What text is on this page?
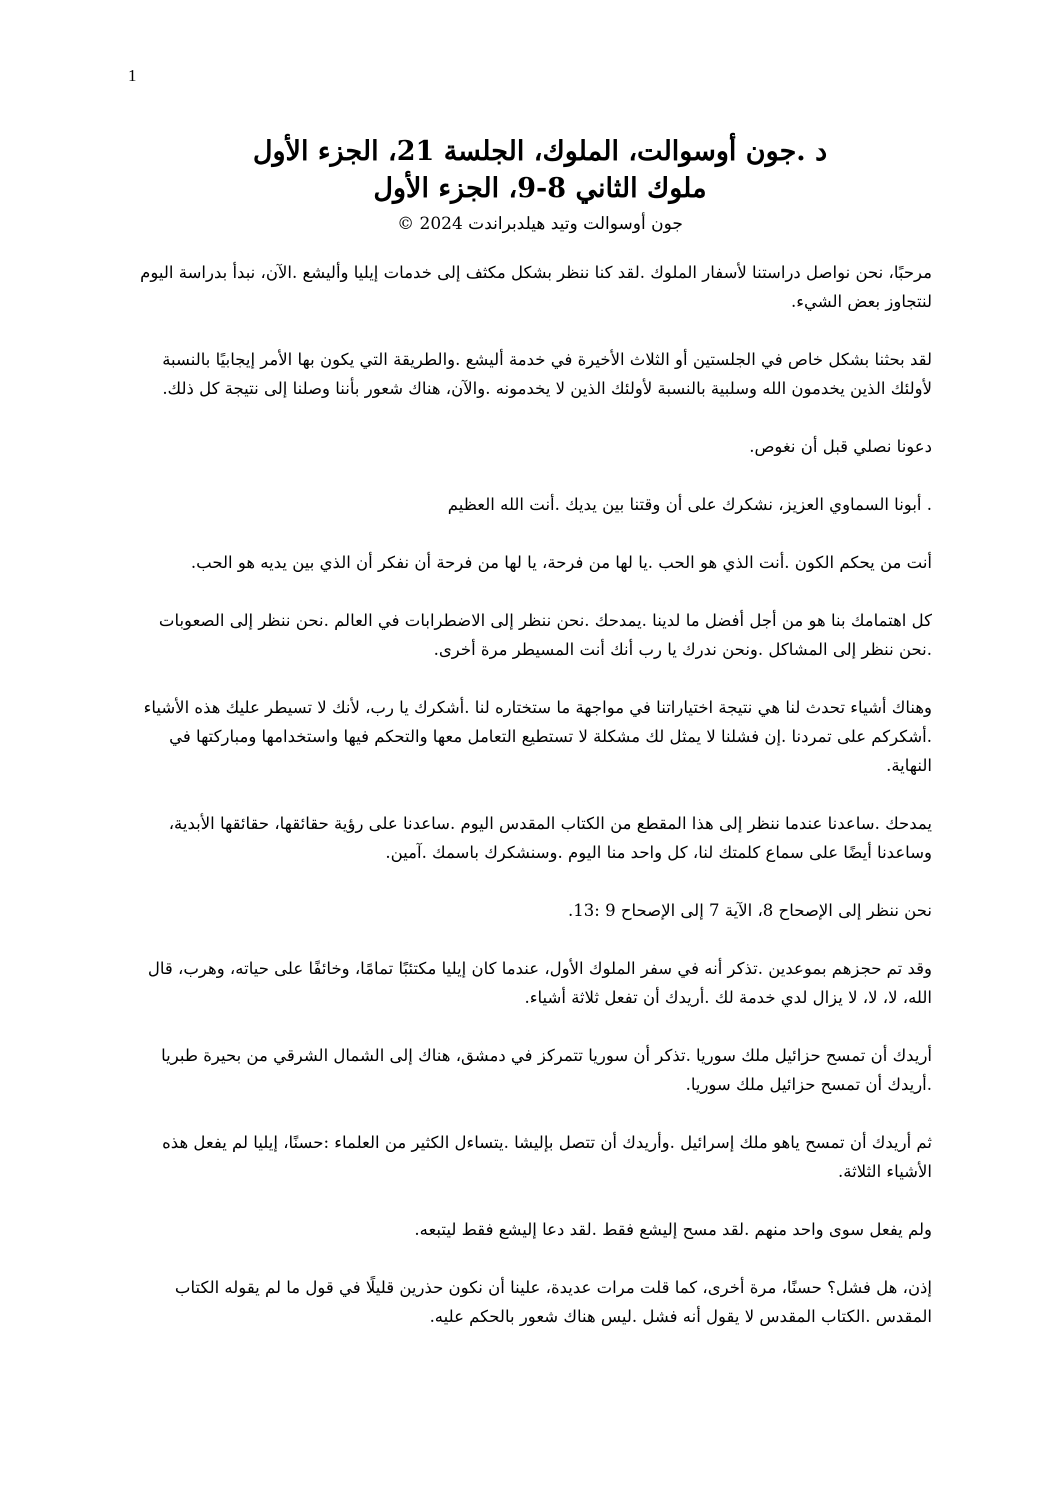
1
د .جون أوسوالت، الملوك، الجلسة 21، الجزء الأول
ملوك الثاني 8-9، الجزء الأول
جون أوسوالت وتيد هيلدبراندت 2024 ©

مرحبًا، نحن نواصل دراستنا لأسفار الملوك .لقد كنا ننظر بشكل مكثف إلى خدمات إيليا وأليشع .الآن، نبدأ بدراسة اليوم لنتجاوز بعض الشيء.

لقد بحثنا بشكل خاص في الجلستين أو الثلاث الأخيرة في خدمة أليشع .والطريقة التي يكون بها الأمر إيجابيًا بالنسبة لأولئك الذين يخدمون الله وسلبية بالنسبة لأولئك الذين لا يخدمونه .والآن، هناك شعور بأننا وصلنا إلى نتيجة كل ذلك.

دعونا نصلي قبل أن نغوص.

. أبونا السماوي العزيز، نشكرك على أن وقتنا بين يديك .أنت الله العظيم

أنت من يحكم الكون .أنت الذي هو الحب .يا لها من فرحة، يا لها من فرحة أن نفكر أن الذي بين يديه هو الحب.

كل اهتمامك بنا هو من أجل أفضل ما لدينا .يمدحك .نحن ننظر إلى الاضطرابات في العالم .نحن ننظر إلى الصعوبات .نحن ننظر إلى المشاكل .ونحن ندرك يا رب أنك أنت المسيطر مرة أخرى.

وهناك أشياء تحدث لنا هي نتيجة اختياراتنا في مواجهة ما ستختاره لنا .أشكرك يا رب، لأنك لا تسيطر عليك هذه الأشياء .أشكركم على تمردنا .إن فشلنا لا يمثل لك مشكلة لا تستطيع التعامل معها والتحكم فيها واستخدامها ومباركتها في النهاية.

يمدحك .ساعدنا عندما ننظر إلى هذا المقطع من الكتاب المقدس اليوم .ساعدنا على رؤية حقائقها، حقائقها الأبدية، وساعدنا أيضًا على سماع كلمتك لنا، كل واحد منا اليوم .وسنشكرك باسمك .آمين.

نحن ننظر إلى الإصحاح 8، الآية 7 إلى الإصحاح 9 :13.

وقد تم حجزهم بموعدين .تذكر أنه في سفر الملوك الأول، عندما كان إيليا مكتئبًا تمامًا، وخائفًا على حياته، وهرب، قال الله، لا، لا، لا يزال لدي خدمة لك .أريدك أن تفعل ثلاثة أشياء.

أريدك أن تمسح حزائيل ملك سوريا .تذكر أن سوريا تتمركز في دمشق، هناك إلى الشمال الشرقي من بحيرة طبريا .أريدك أن تمسح حزائيل ملك سوريا.

ثم أريدك أن تمسح ياهو ملك إسرائيل .وأريدك أن تتصل بإليشا .يتساءل الكثير من العلماء :حسنًا، إيليا لم يفعل هذه الأشياء الثلاثة.

ولم يفعل سوى واحد منهم .لقد مسح إليشع فقط .لقد دعا إليشع فقط ليتبعه.

إذن، هل فشل؟ حسنًا، مرة أخرى، كما قلت مرات عديدة، علينا أن نكون حذرين قليلًا في قول ما لم يقوله الكتاب المقدس .الكتاب المقدس لا يقول أنه فشل .ليس هناك شعور بالحكم عليه.
